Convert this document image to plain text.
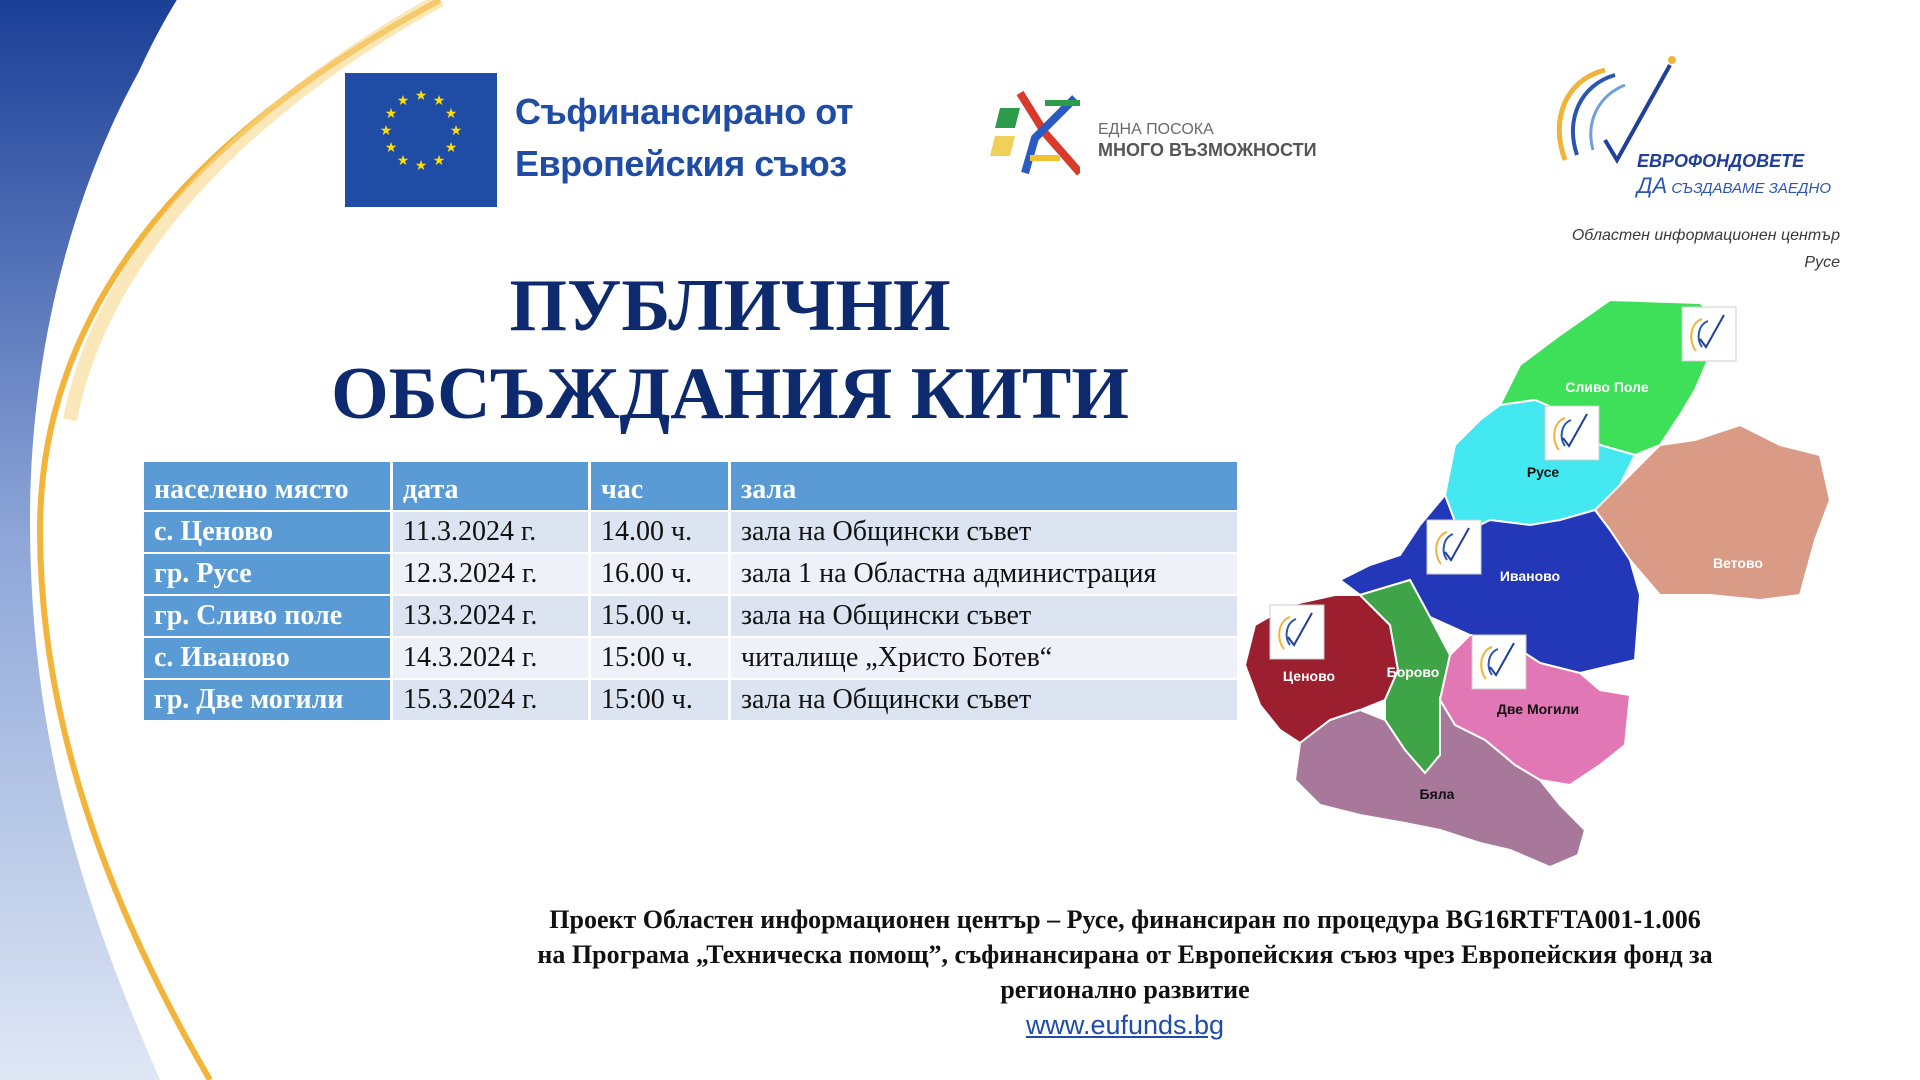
★ ★
★
★
★
★
★
★
★
★
★
★	Съфинансирано от
Европейския съюз
ЕДНА ПОСОКА
МНОГО ВЪЗМОЖНОСТИ
ЕВРОФОНДОВЕТЕ
ДА СЪЗДАВАМЕ ЗАЕДНО
Областен информационен център
Русе
ПУБЛИЧНИ
ОБСЪЖДАНИЯ КИТИ
населено място	дата	час	зала
с. Ценово	11.3.2024 г.	14.00 ч.	зала на Общински съвет
гр. Русе	12.3.2024 г.	16.00 ч.	зала 1 на Областна администрация
гр. Сливо поле	13.3.2024 г.	15.00 ч.	зала на Общински съвет
с. Иваново	14.3.2024 г.	15:00 ч.	читалище „Христо Ботев“
гр. Две могили	15.3.2024 г.	15:00 ч.	зала на Общински съвет
Сливо Поле
Русе
Ветово
Иваново
Ценово	Борово
Две Могили
Бяла
Проект Областен информационен център – Русе, финансиран по процедура BG16RTFTA001-1.006
на Програма „Техническа помощ”, съфинансирана от Европейския съюз чрез Европейския фонд за
регионално развитие
www.eufunds.bg
